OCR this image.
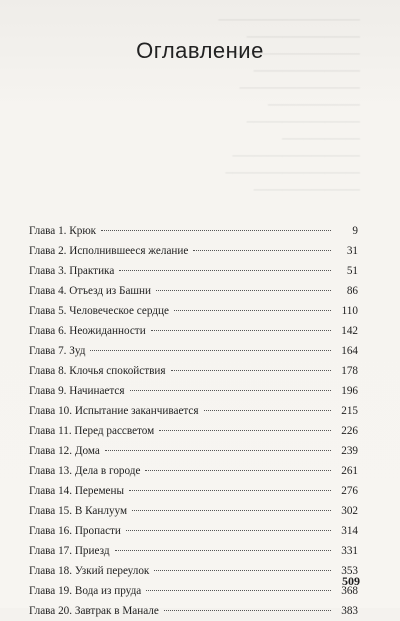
────────────────────
────────────────
──────────────────
───────────────
─────────────────
─────────────
────────────────
───────────
──────────────────
───────────────────
───────────────
Оглавление
Глава 1. Крюк	9
Глава 2. Исполнившееся желание	31
Глава 3. Практика	51
Глава 4. Отъезд из Башни	86
Глава 5. Человеческое сердце	110
Глава 6. Неожиданности	142
Глава 7. Зуд	164
Глава 8. Клочья спокойствия	178
Глава 9. Начинается	196
Глава 10. Испытание заканчивается	215
Глава 11. Перед рассветом	226
Глава 12. Дома	239
Глава 13. Дела в городе	261
Глава 14. Перемены	276
Глава 15. В Канлуум	302
Глава 16. Пропасти	314
Глава 17. Приезд	331
Глава 18. Узкий переулок	353
Глава 19. Вода из пруда	368
Глава 20. Завтрак в Манале	383
509
